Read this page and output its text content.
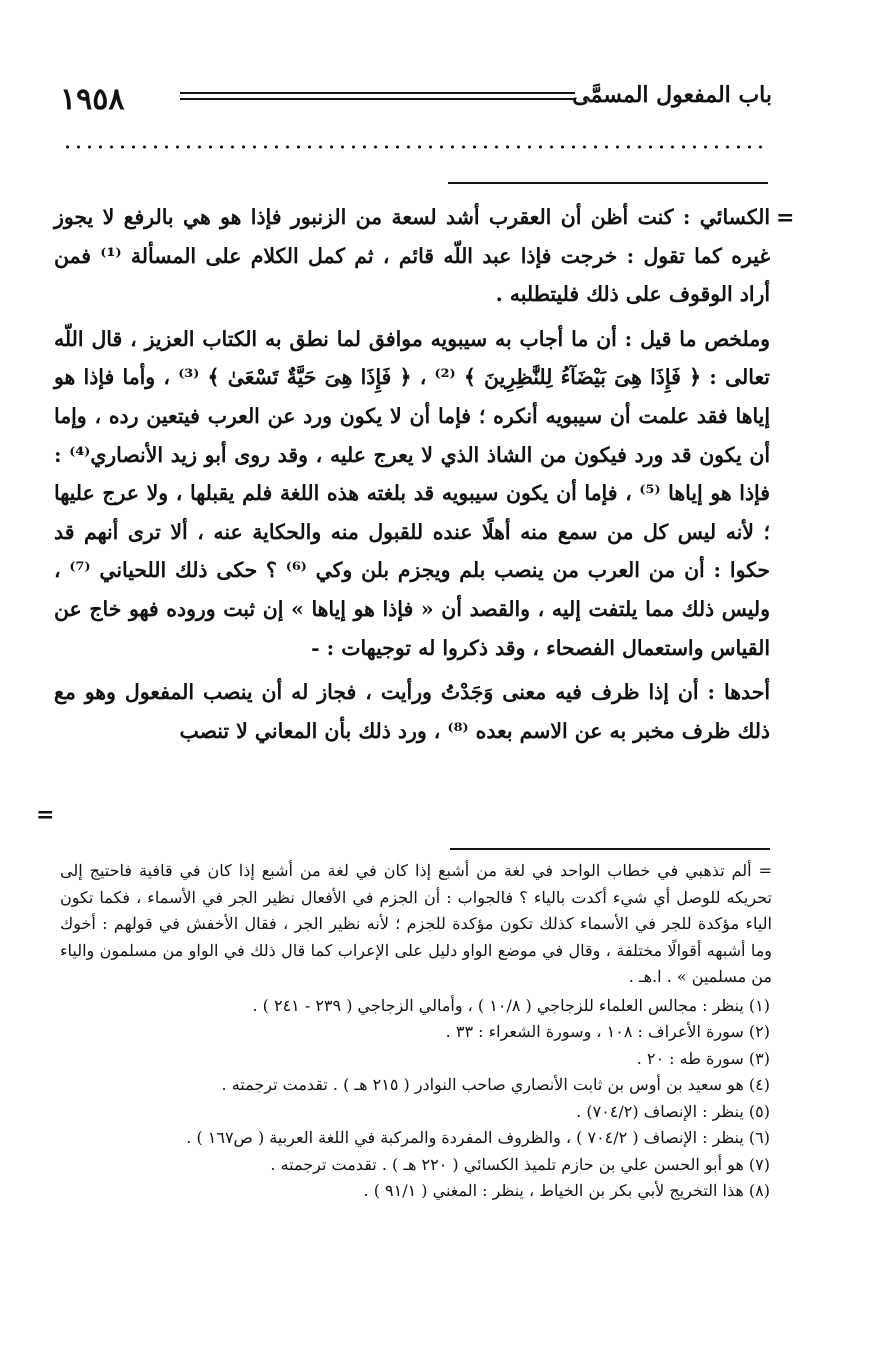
١٩٥٨	باب المفعول المسمَّى
=

الكسائي : كنت أظن أن العقرب أشد لسعة من الزنبور فإذا هو هي بالرفع لا يجوز غيره كما تقول : خرجت فإذا عبد اللّه قائم ، ثم كمل الكلام على المسألة ⁽¹⁾ فمن أراد الوقوف على ذلك فليتطلبه .

وملخص ما قيل : أن ما أجاب به سيبويه موافق لما نطق به الكتاب العزيز ، قال اللّه تعالى : ﴿ فَإِذَا هِىَ بَيْضَآءُ لِلنَّٰظِرِينَ ﴾ ⁽²⁾ ، ﴿ فَإِذَا هِىَ حَيَّةٌ تَسْعَىٰ ﴾ ⁽³⁾ ، وأما فإذا هو إياها فقد علمت أن سيبويه أنكره ؛ فإما أن لا يكون ورد عن العرب فيتعين رده ، وإما أن يكون قد ورد فيكون من الشاذ الذي لا يعرج عليه ، وقد روى أبو زيد الأنصاري⁽⁴⁾ : فإذا هو إياها ⁽⁵⁾ ، فإما أن يكون سيبويه قد بلغته هذه اللغة فلم يقبلها ، ولا عرج عليها ؛ لأنه ليس كل من سمع منه أهلًا عنده للقبول منه والحكاية عنه ، ألا ترى أنهم قد حكوا : أن من العرب من ينصب بلم ويجزم بلن وكي ⁽⁶⁾ ؟ حكى ذلك اللحياني ⁽⁷⁾ ، وليس ذلك مما يلتفت إليه ، والقصد أن « فإذا هو إياها » إن ثبت وروده فهو خاج عن القياس واستعمال الفصحاء ، وقد ذكروا له توجيهات : -

أحدها : أن إذا ظرف فيه معنى وَجَدْتُ ورأيت ، فجاز له أن ينصب المفعول وهو مع ذلك ظرف مخبر به عن الاسم بعده ⁽⁸⁾ ، ورد ذلك بأن المعاني لا تنصب

=

= ألم تذهبي في خطاب الواحد في لغة من أشبع إذا كان في لغة من أشبع إذا كان في قافية فاحتيج إلى تحريكه للوصل أي شيء أكدت بالياء ؟ فالجواب : أن الجزم في الأفعال نظير الجر في الأسماء ، فكما تكون الياء مؤكدة للجر في الأسماء كذلك تكون مؤكدة للجزم ؛ لأنه نظير الجر ، فقال الأخفش في قولهم : أخوك وما أشبهه أقوالًا مختلفة ، وقال في موضع الواو دليل على الإعراب كما قال ذلك في الواو من مسلمون والياء من مسلمين » . ا.هـ .

(١) ينظر : مجالس العلماء للزجاجي ( ١٠/٨ ) ، وأمالي الزجاجي ( ٢٣٩ - ٢٤١ ) .

(٢) سورة الأعراف : ١٠٨ ، وسورة الشعراء : ٣٣ .

(٣) سورة طه : ٢٠ .

(٤) هو سعيد بن أوس بن ثابت الأنصاري صاحب النوادر ( ٢١٥ هـ ) . تقدمت ترجمته .

(٥) ينظر : الإنصاف (٧٠٤/٢) .

(٦) ينظر : الإنصاف ( ٧٠٤/٢ ) ، والظروف المفردة والمركبة في اللغة العربية ( ص١٦٧ ) .

(٧) هو أبو الحسن علي بن حازم تلميذ الكسائي ( ٢٢٠ هـ ) . تقدمت ترجمته .

(٨) هذا التخريج لأبي بكر بن الخياط ، ينظر : المغني ( ٩١/١ ) .
